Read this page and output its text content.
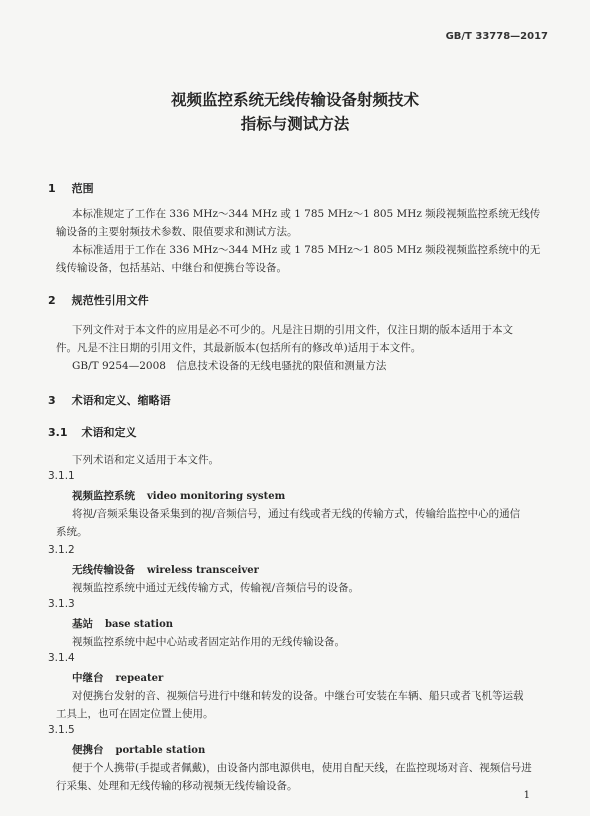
GB/T 33778—2017
视频监控系统无线传输设备射频技术
指标与测试方法
1 范围
本标准规定了工作在 336 MHz～344 MHz 或 1 785 MHz～1 805 MHz 频段视频监控系统无线传
输设备的主要射频技术参数、限值要求和测试方法。
本标准适用于工作在 336 MHz～344 MHz 或 1 785 MHz～1 805 MHz 频段视频监控系统中的无
线传输设备，包括基站、中继台和便携台等设备。
2 规范性引用文件
下列文件对于本文件的应用是必不可少的。凡是注日期的引用文件，仅注日期的版本适用于本文
件。凡是不注日期的引用文件，其最新版本(包括所有的修改单)适用于本文件。
GB/T 9254—2008　信息技术设备的无线电骚扰的限值和测量方法
3 术语和定义、缩略语
3.1 术语和定义
下列术语和定义适用于本文件。
3.1.1
视频监控系统 video monitoring system
将视/音频采集设备采集到的视/音频信号，通过有线或者无线的传输方式，传输给监控中心的通信
系统。
3.1.2
无线传输设备 wireless transceiver
视频监控系统中通过无线传输方式，传输视/音频信号的设备。
3.1.3
基站 base station
视频监控系统中起中心站或者固定站作用的无线传输设备。
3.1.4
中继台 repeater
对便携台发射的音、视频信号进行中继和转发的设备。中继台可安装在车辆、船只或者飞机等运载
工具上，也可在固定位置上使用。
3.1.5
便携台 portable station
便于个人携带(手提或者佩戴)，由设备内部电源供电，使用自配天线，在监控现场对音、视频信号进
行采集、处理和无线传输的移动视频无线传输设备。
1
